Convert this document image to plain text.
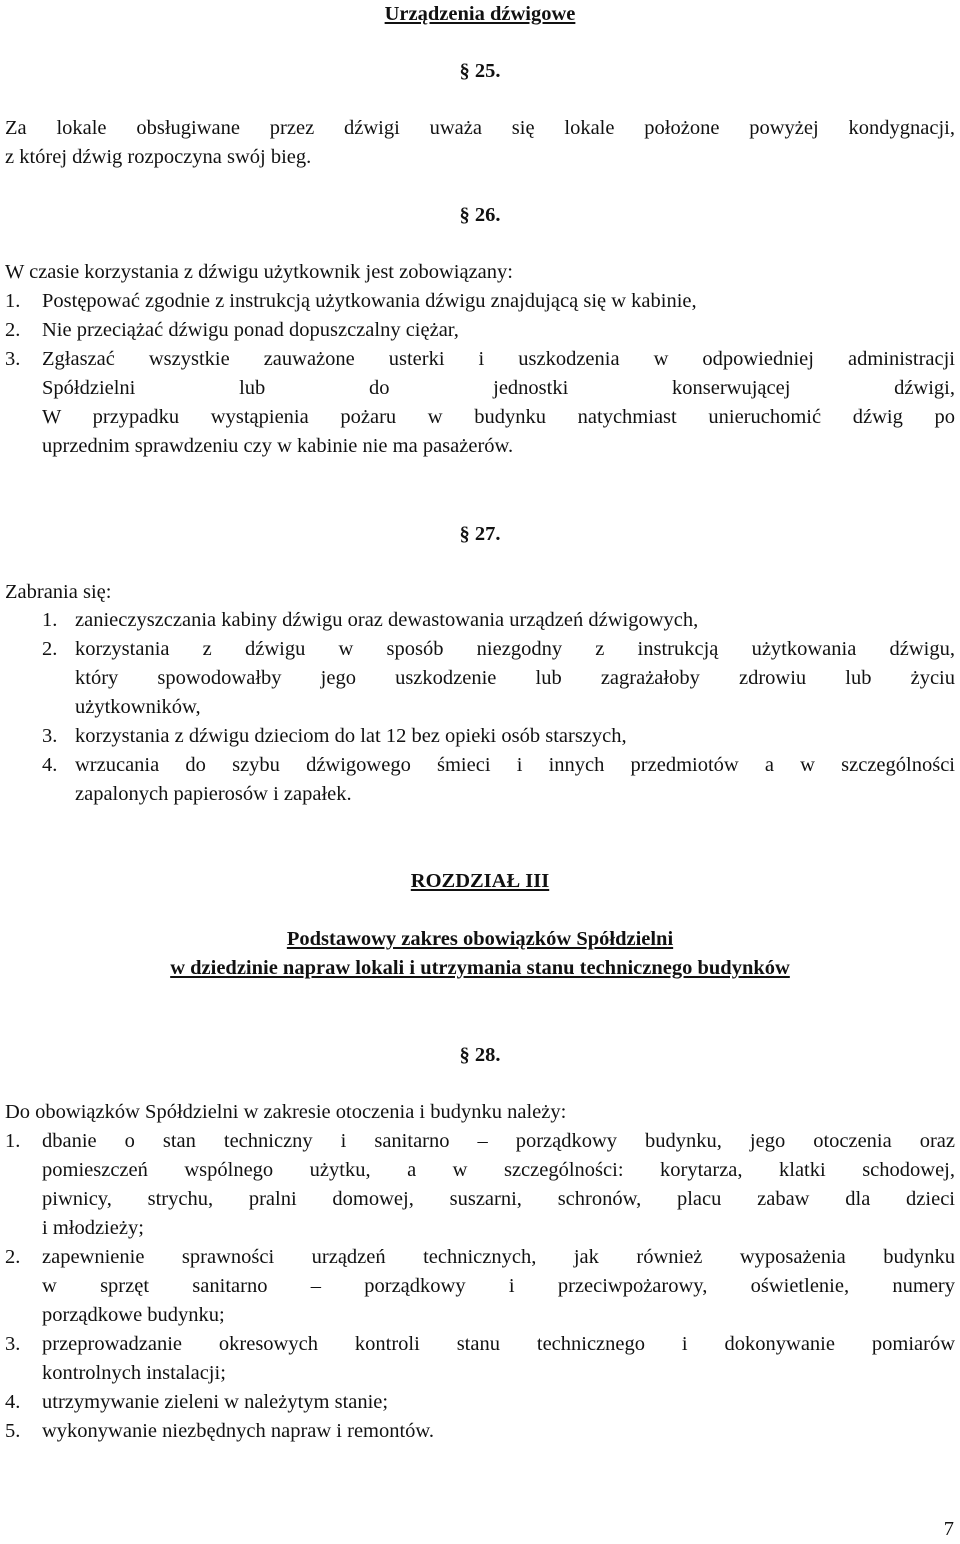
Urządzenia dźwigowe
§ 25.
Za lokale obsługiwane przez dźwigi uważa się lokale położone powyżej kondygnacji,
z której dźwig rozpoczyna swój bieg.
§ 26.
W czasie korzystania z dźwigu użytkownik jest zobowiązany:
1. Postępować zgodnie z instrukcją użytkowania dźwigu znajdującą się w kabinie,
2. Nie przeciążać dźwigu ponad dopuszczalny ciężar,
3. Zgłaszać wszystkie zauważone usterki i uszkodzenia w odpowiedniej administracji
Spółdzielni lub do jednostki konserwującej dźwigi,
W przypadku wystąpienia pożaru w budynku natychmiast unieruchomić dźwig po
uprzednim sprawdzeniu czy w kabinie nie ma pasażerów.
§ 27.
Zabrania się:
1. zanieczyszczania kabiny dźwigu oraz dewastowania urządzeń dźwigowych,
2. korzystania z dźwigu w sposób niezgodny z instrukcją użytkowania dźwigu,
który spowodowałby jego uszkodzenie lub zagrażałoby zdrowiu lub życiu
użytkowników,
3. korzystania z dźwigu dzieciom do lat 12 bez opieki osób starszych,
4. wrzucania do szybu dźwigowego śmieci i innych przedmiotów a w szczególności
zapalonych papierosów i zapałek.
ROZDZIAŁ III
Podstawowy zakres obowiązków Spółdzielni
w dziedzinie napraw lokali i utrzymania stanu technicznego budynków
§ 28.
Do obowiązków Spółdzielni w zakresie otoczenia i budynku należy:
1. dbanie o stan techniczny i sanitarno – porządkowy budynku, jego otoczenia oraz
pomieszczeń wspólnego użytku, a w szczególności: korytarza, klatki schodowej,
piwnicy, strychu, pralni domowej, suszarni, schronów, placu zabaw dla dzieci
i młodzieży;
2. zapewnienie sprawności urządzeń technicznych, jak również wyposażenia budynku
w sprzęt sanitarno – porządkowy i przeciwpożarowy, oświetlenie, numery
porządkowe budynku;
3. przeprowadzanie okresowych kontroli stanu technicznego i dokonywanie pomiarów
kontrolnych instalacji;
4. utrzymywanie zieleni w należytym stanie;
5. wykonywanie niezbędnych napraw i remontów.
7
